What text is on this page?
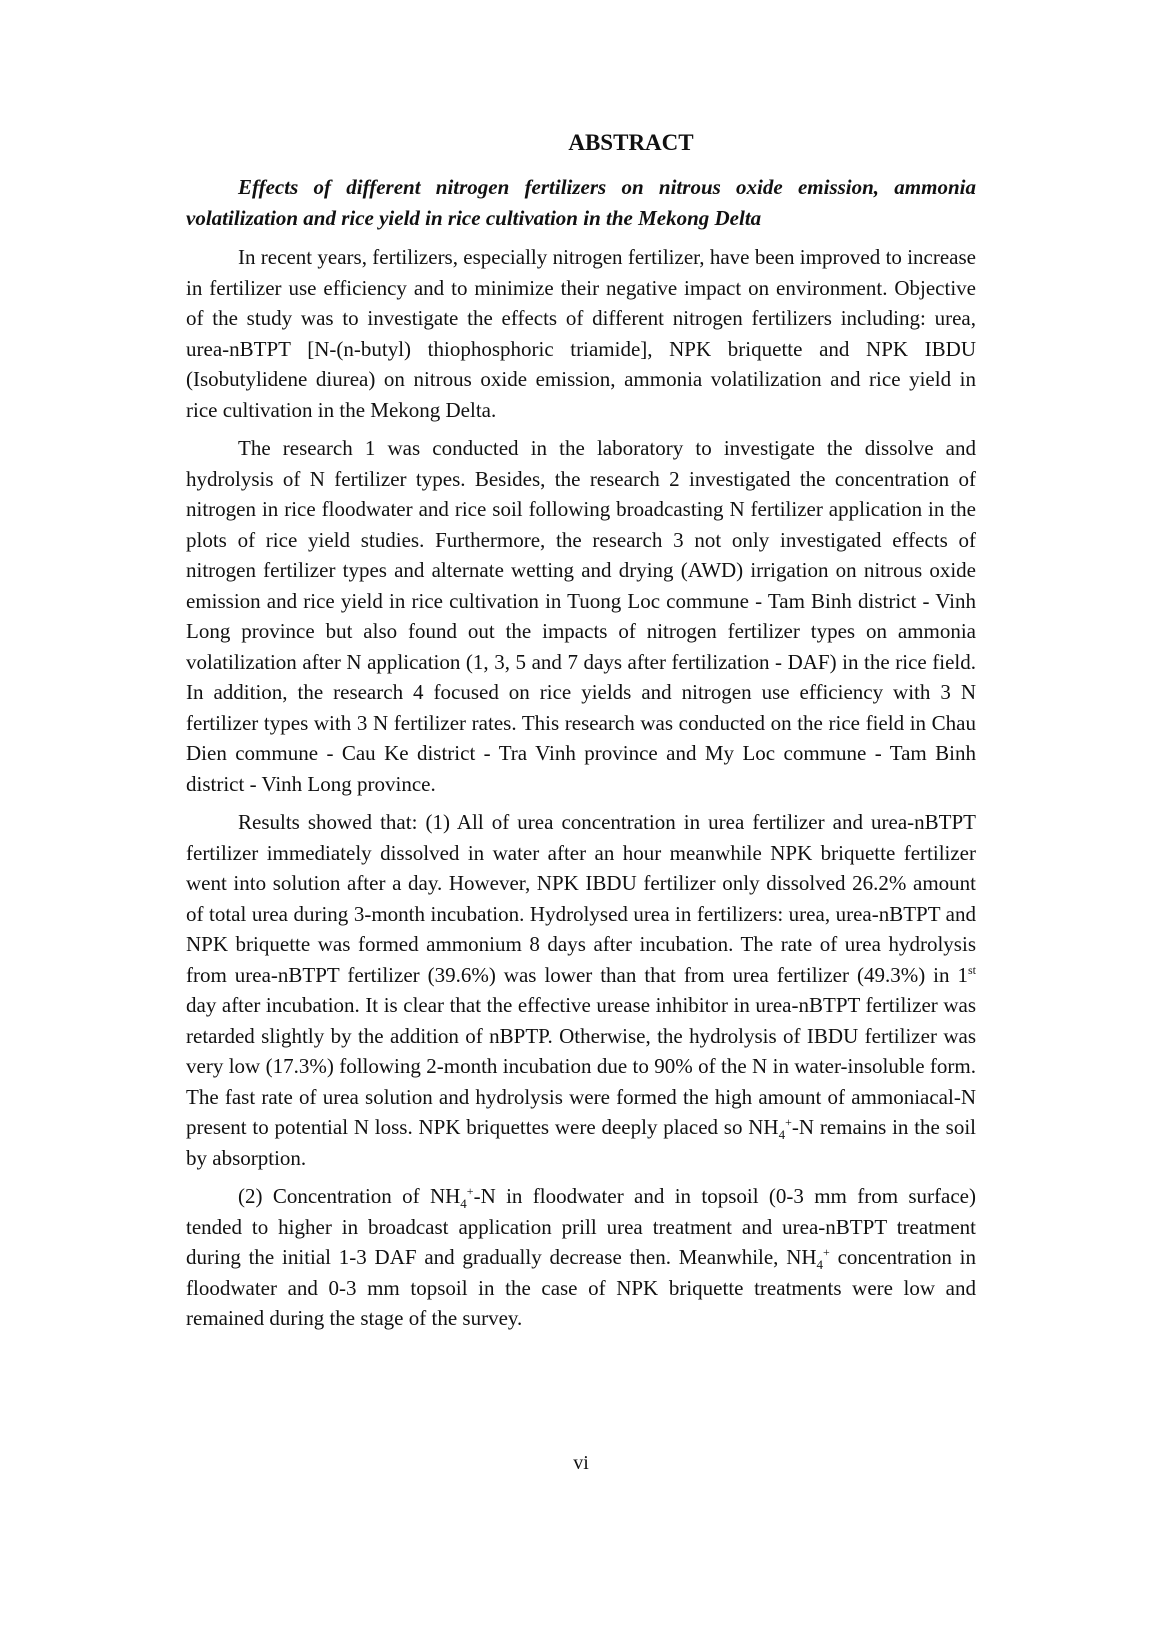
ABSTRACT

Effects of different nitrogen fertilizers on nitrous oxide emission, ammonia volatilization and rice yield in rice cultivation in the Mekong Delta

In recent years, fertilizers, especially nitrogen fertilizer, have been improved to increase in fertilizer use efficiency and to minimize their negative impact on environment. Objective of the study was to investigate the effects of different nitrogen fertilizers including: urea, urea-nBTPT [N-(n-butyl) thiophosphoric triamide], NPK briquette and NPK IBDU (Isobutylidene diurea) on nitrous oxide emission, ammonia volatilization and rice yield in rice cultivation in the Mekong Delta.

The research 1 was conducted in the laboratory to investigate the dissolve and hydrolysis of N fertilizer types. Besides, the research 2 investigated the concentration of nitrogen in rice floodwater and rice soil following broadcasting N fertilizer application in the plots of rice yield studies. Furthermore, the research 3 not only investigated effects of nitrogen fertilizer types and alternate wetting and drying (AWD) irrigation on nitrous oxide emission and rice yield in rice cultivation in Tuong Loc commune - Tam Binh district - Vinh Long province but also found out the impacts of nitrogen fertilizer types on ammonia volatilization after N application (1, 3, 5 and 7 days after fertilization - DAF) in the rice field. In addition, the research 4 focused on rice yields and nitrogen use efficiency with 3 N fertilizer types with 3 N fertilizer rates. This research was conducted on the rice field in Chau Dien commune - Cau Ke district - Tra Vinh province and My Loc commune - Tam Binh district - Vinh Long province.

Results showed that: (1) All of urea concentration in urea fertilizer and urea-nBTPT fertilizer immediately dissolved in water after an hour meanwhile NPK briquette fertilizer went into solution after a day. However, NPK IBDU fertilizer only dissolved 26.2% amount of total urea during 3-month incubation. Hydrolysed urea in fertilizers: urea, urea-nBTPT and NPK briquette was formed ammonium 8 days after incubation. The rate of urea hydrolysis from urea-nBTPT fertilizer (39.6%) was lower than that from urea fertilizer (49.3%) in 1st day after incubation. It is clear that the effective urease inhibitor in urea-nBTPT fertilizer was retarded slightly by the addition of nBPTP. Otherwise, the hydrolysis of IBDU fertilizer was very low (17.3%) following 2-month incubation due to 90% of the N in water-insoluble form. The fast rate of urea solution and hydrolysis were formed the high amount of ammoniacal-N present to potential N loss. NPK briquettes were deeply placed so $NH_4^+-N$ remains in the soil by absorption.

(2) Concentration of $NH_4^+-N$ in floodwater and in topsoil (0-3 mm from surface) tended to higher in broadcast application prill urea treatment and urea-nBTPT treatment during the initial 1-3 DAF and gradually decrease then. Meanwhile, $NH_4^+$ concentration in floodwater and 0-3 mm topsoil in the case of NPK briquette treatments were low and remained during the stage of the survey.

vi
